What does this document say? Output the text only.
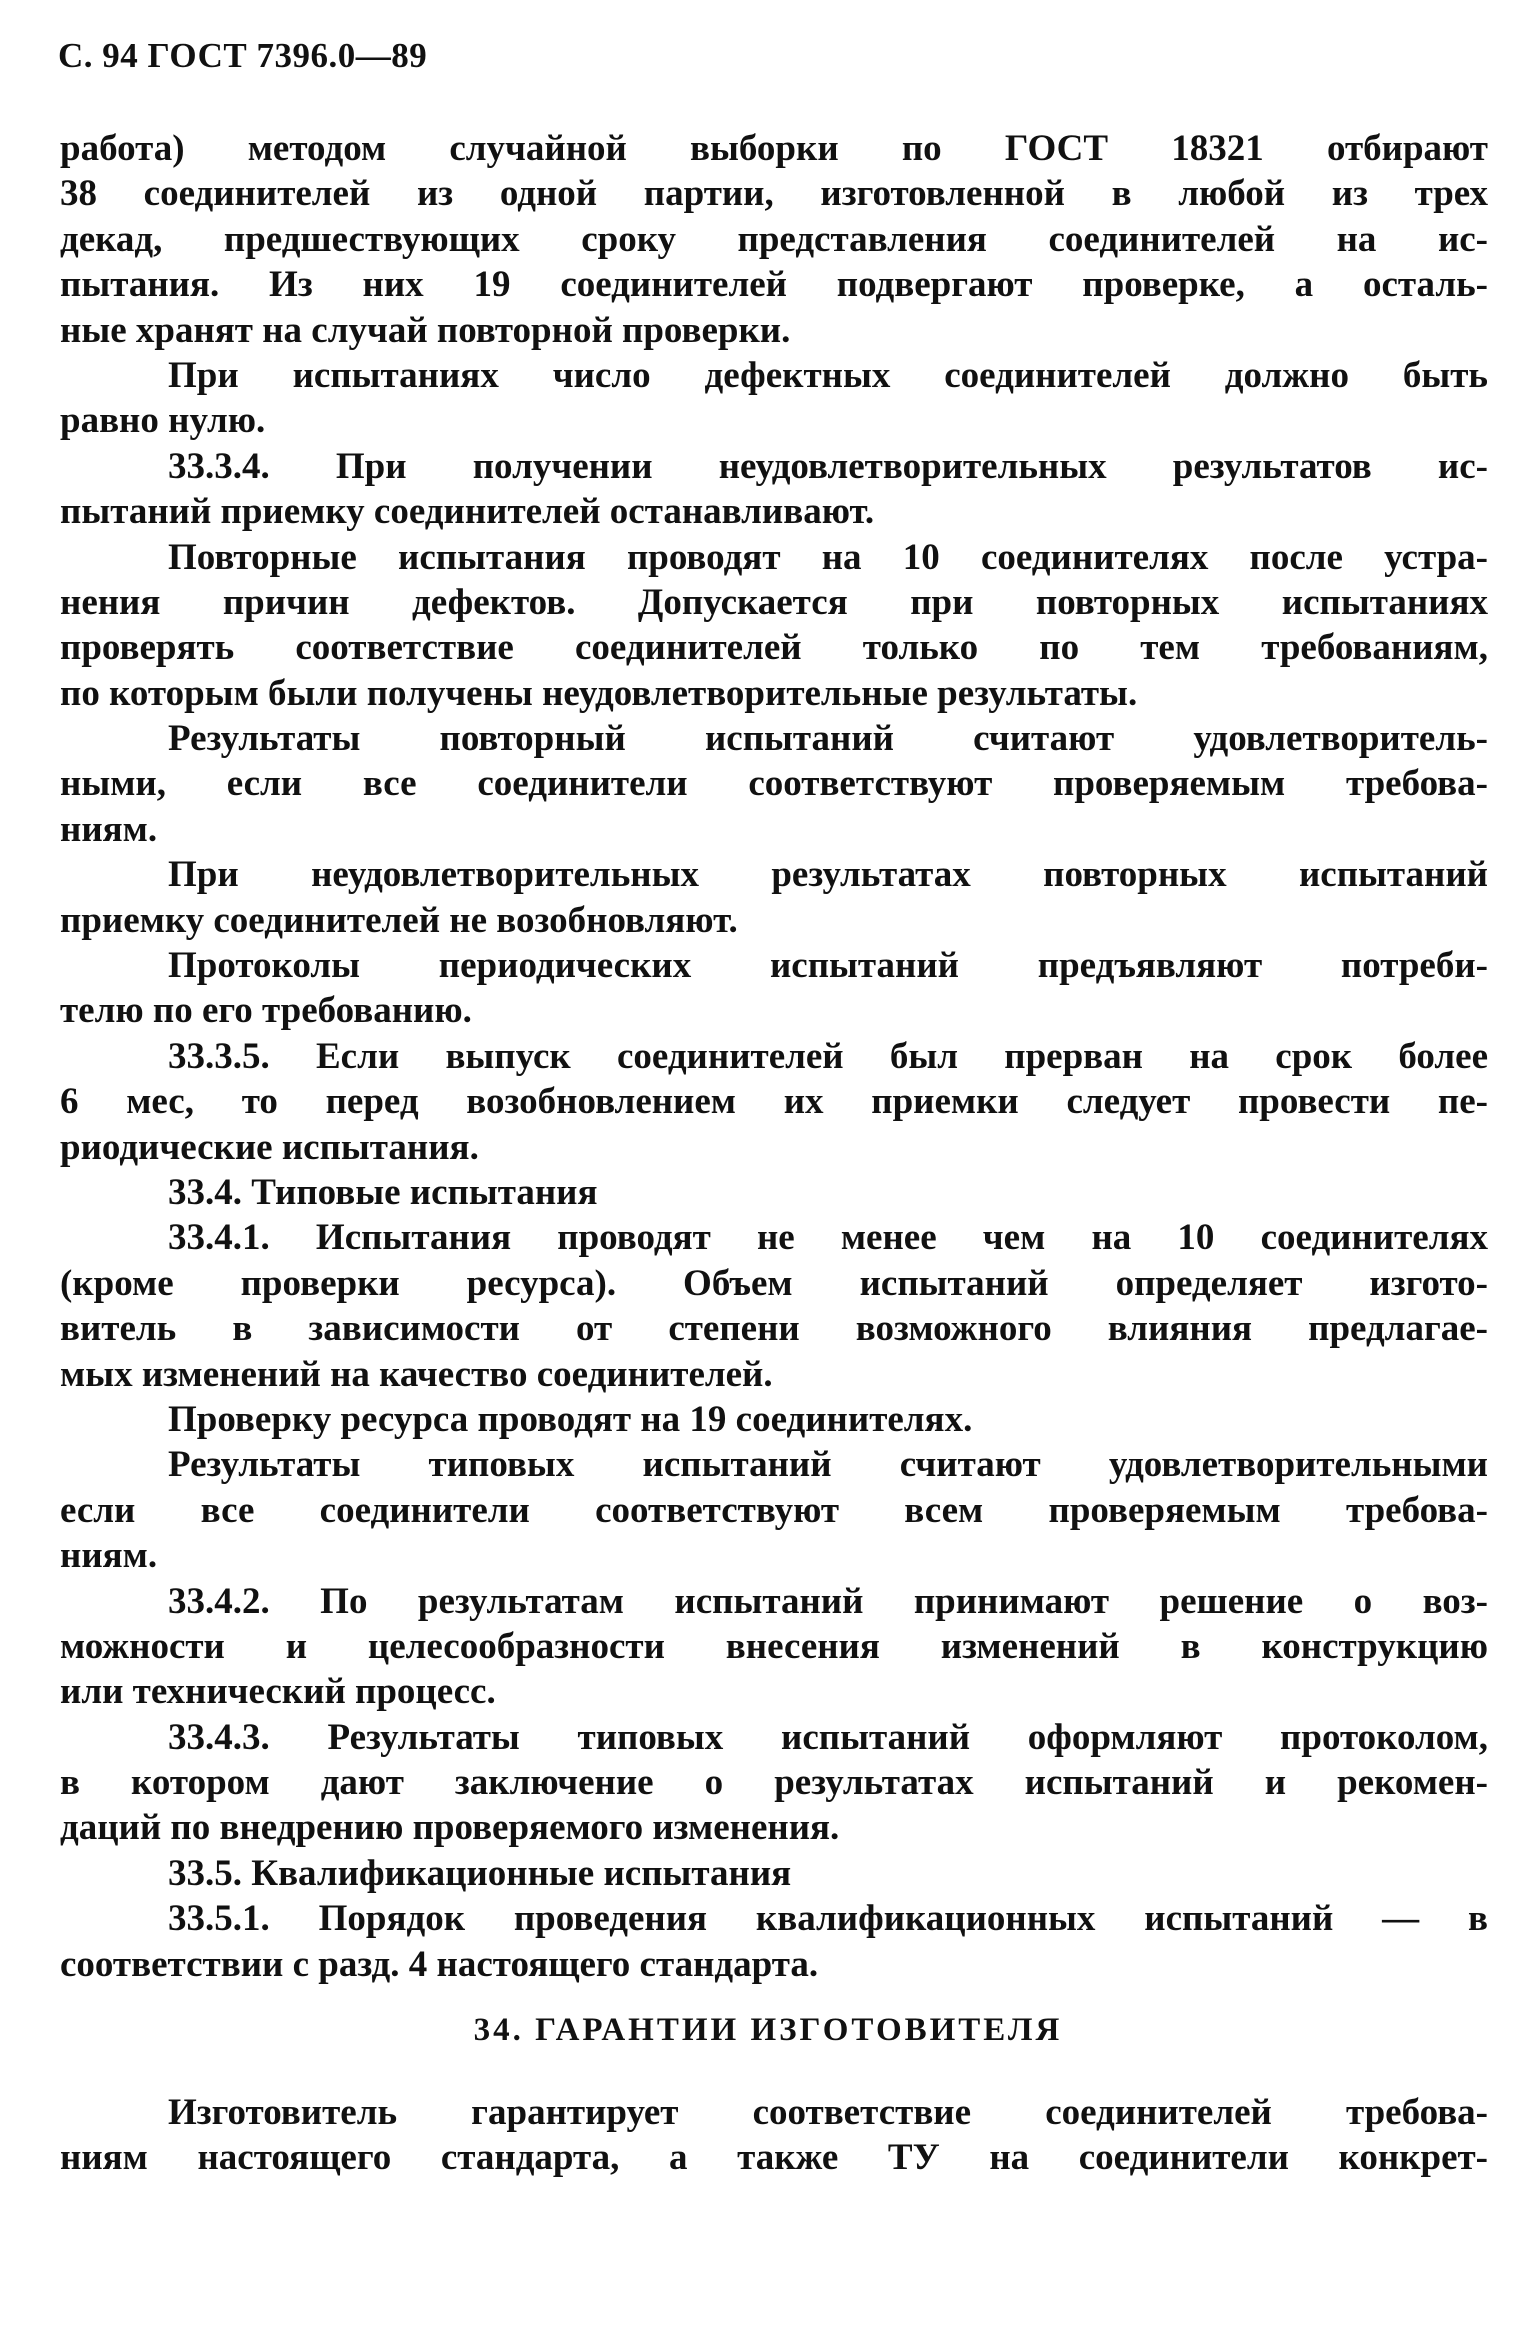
С. 94 ГОСТ 7396.0—89
работа) методом случайной выборки по ГОСТ 18321 отбирают
38 соединителей из одной партии, изготовленной в любой из трех
декад, предшествующих сроку представления соединителей на ис-
пытания. Из них 19 соединителей подвергают проверке, а осталь-
ные хранят на случай повторной проверки.
При испытаниях число дефектных соединителей должно быть
равно нулю.
33.3.4. При получении неудовлетворительных результатов ис-
пытаний приемку соединителей останавливают.
Повторные испытания проводят на 10 соединителях после устра-
нения причин дефектов. Допускается при повторных испытаниях
проверять соответствие соединителей только по тем требованиям,
по которым были получены неудовлетворительные результаты.
Результаты повторный испытаний считают удовлетворитель-
ными, если все соединители соответствуют проверяемым требова-
ниям.
При неудовлетворительных результатах повторных испытаний
приемку соединителей не возобновляют.
Протоколы периодических испытаний предъявляют потреби-
телю по его требованию.
33.3.5. Если выпуск соединителей был прерван на срок более
6 мес, то перед возобновлением их приемки следует провести пе-
риодические испытания.
33.4. Типовые испытания
33.4.1. Испытания проводят не менее чем на 10 соединителях
(кроме проверки ресурса). Объем испытаний определяет изгото-
витель в зависимости от степени возможного влияния предлагае-
мых изменений на качество соединителей.
Проверку ресурса проводят на 19 соединителях.
Результаты типовых испытаний считают удовлетворительными
если все соединители соответствуют всем проверяемым требова-
ниям.
33.4.2. По результатам испытаний принимают решение о воз-
можности и целесообразности внесения изменений в конструкцию
или технический процесс.
33.4.3. Результаты типовых испытаний оформляют протоколом,
в котором дают заключение о результатах испытаний и рекомен-
даций по внедрению проверяемого изменения.
33.5. Квалификационные испытания
33.5.1. Порядок проведения квалификационных испытаний — в
соответствии с разд. 4 настоящего стандарта.
34. ГАРАНТИИ ИЗГОТОВИТЕЛЯ
Изготовитель гарантирует соответствие соединителей требова-
ниям настоящего стандарта, а также ТУ на соединители конкрет-
